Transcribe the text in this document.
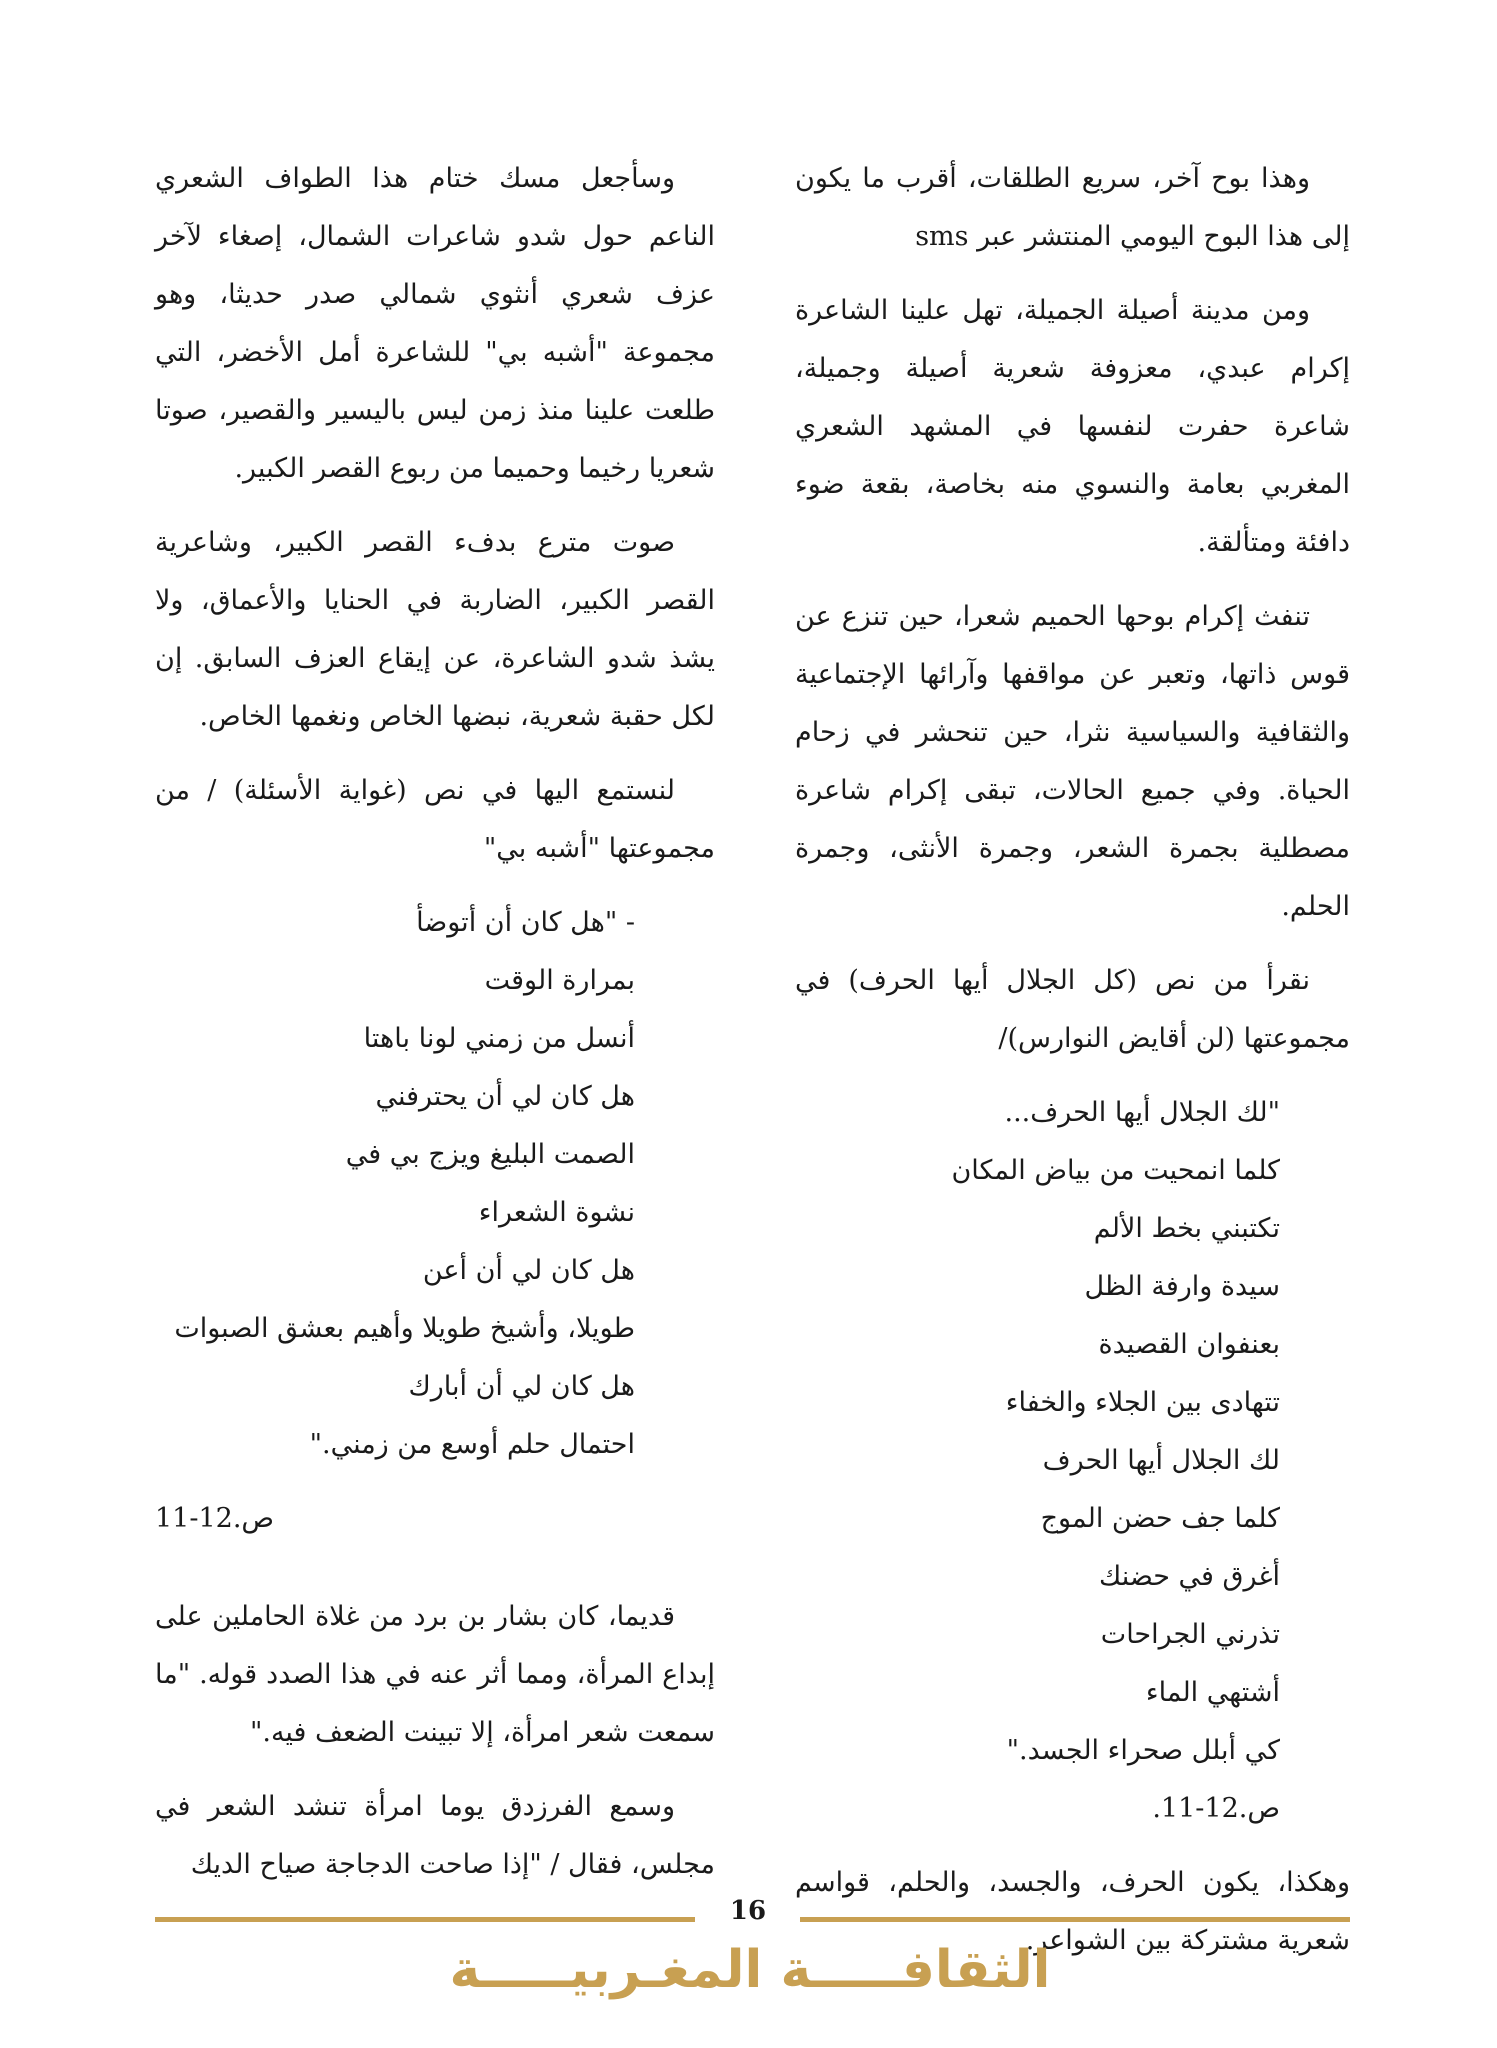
وهذا بوح آخر، سريع الطلقات، أقرب ما يكون إلى هذا البوح اليومي المنتشر عبر sms

ومن مدينة أصيلة الجميلة، تهل علينا الشاعرة إكرام عبدي، معزوفة شعرية أصيلة وجميلة، شاعرة حفرت لنفسها في المشهد الشعري المغربي بعامة والنسوي منه بخاصة، بقعة ضوء دافئة ومتألقة.

تنفث إكرام بوحها الحميم شعرا، حين تنزع عن قوس ذاتها، وتعبر عن مواقفها وآرائها الإجتماعية والثقافية والسياسية نثرا، حين تنحشر في زحام الحياة. وفي جميع الحالات، تبقى إكرام شاعرة مصطلية بجمرة الشعر، وجمرة الأنثى، وجمرة الحلم.

نقرأ من نص (كل الجلال أيها الحرف) في مجموعتها (لن أقايض النوارس)/

"لك الجلال أيها الحرف...
كلما انمحيت من بياض المكان
تكتبني بخط الألم
سيدة وارفة الظل
بعنفوان القصيدة
تتهادى بين الجلاء والخفاء
لك الجلال أيها الحرف
كلما جف حضن الموج
أغرق في حضنك
تذرني الجراحات
أشتهي الماء
كي أبلل صحراء الجسد."
ص.12-11.

وهكذا، يكون الحرف، والجسد، والحلم، قواسم شعرية مشتركة بين الشواعر.

وسأجعل مسك ختام هذا الطواف الشعري الناعم حول شدو شاعرات الشمال، إصغاء لآخر عزف شعري أنثوي شمالي صدر حديثا، وهو مجموعة "أشبه بي" للشاعرة أمل الأخضر، التي طلعت علينا منذ زمن ليس باليسير والقصير، صوتا شعريا رخيما وحميما من ربوع القصر الكبير.

صوت مترع بدفء القصر الكبير، وشاعرية القصر الكبير، الضاربة في الحنايا والأعماق، ولا يشذ شدو الشاعرة، عن إيقاع العزف السابق. إن لكل حقبة شعرية، نبضها الخاص ونغمها الخاص.

لنستمع اليها في نص (غواية الأسئلة) / من مجموعتها "أشبه بي"

- "هل كان أن أتوضأ
بمرارة الوقت
أنسل من زمني لونا باهتا
هل كان لي أن يحترفني
الصمت البليغ ويزج بي في
نشوة الشعراء
هل كان لي أن أعن
طويلا، وأشيخ طويلا وأهيم بعشق الصبوات
هل كان لي أن أبارك
احتمال حلم أوسع من زمني."
ص.12-11

قديما، كان بشار بن برد من غلاة الحاملين على إبداع المرأة، ومما أثر عنه في هذا الصدد قوله. "ما سمعت شعر امرأة، إلا تبينت الضعف فيه."

وسمع الفرزدق يوما امرأة تنشد الشعر في مجلس، فقال / "إذا صاحت الدجاجة صياح الديك

16
الثقافـــــة المغـربيـــــة
